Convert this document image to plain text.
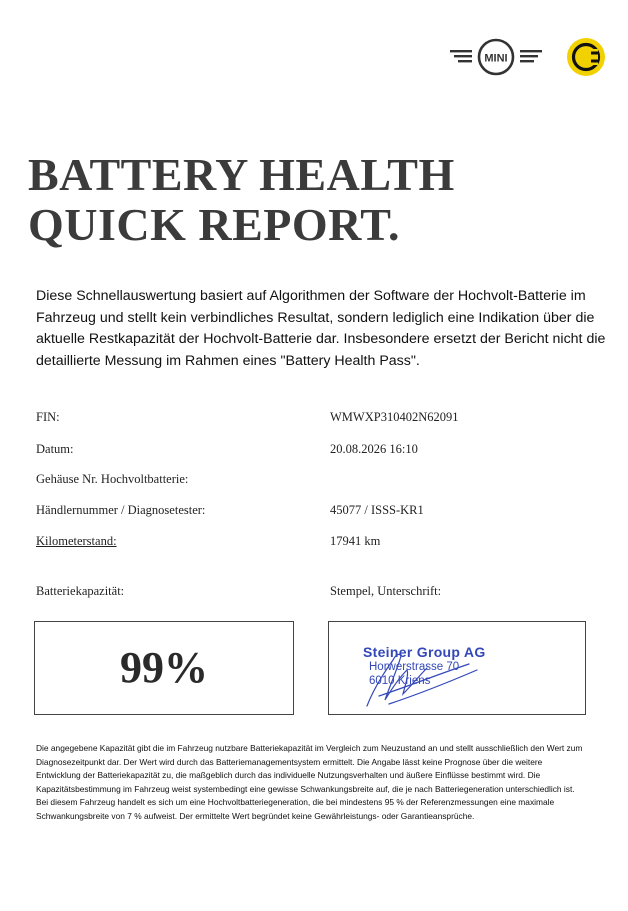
MINI
BATTERY HEALTH
QUICK REPORT.

Diese Schnellauswertung basiert auf Algorithmen der Software der Hochvolt-Batterie im Fahrzeug und stellt kein verbindliches Resultat, sondern lediglich eine Indikation über die aktuelle Restkapazität der Hochvolt-Batterie dar. Insbesondere ersetzt der Bericht nicht die detaillierte Messung im Rahmen eines "Battery Health Pass".

FIN:	WMWXP310402N62091
Datum:	20.08.2026 16:10
Gehäuse Nr. Hochvoltbatterie:
Händlernummer / Diagnosetester:	45077 / ISSS-KR1
Kilometerstand:	17941 km
Batteriekapazität:	Stempel, Unterschrift:
99%	Steiner Group AG
Horwerstrasse 70
6010 Kriens

Die angegebene Kapazität gibt die im Fahrzeug nutzbare Batteriekapazität im Vergleich zum Neuzustand an und stellt ausschließlich den Wert zum Diagnosezeitpunkt dar. Der Wert wird durch das Batteriemanagementsystem ermittelt. Die Angabe lässt keine Prognose über die weitere Entwicklung der Batteriekapazität zu, die maßgeblich durch das individuelle Nutzungsverhalten und äußere Einflüsse bestimmt wird. Die Kapazitätsbestimmung im Fahrzeug weist systembedingt eine gewisse Schwankungsbreite auf, die je nach Batteriegeneration unterschiedlich ist. Bei diesem Fahrzeug handelt es sich um eine Hochvoltbatteriegeneration, die bei mindestens 95 % der Referenzmessungen eine maximale Schwankungsbreite von 7 % aufweist. Der ermittelte Wert begründet keine Gewährleistungs- oder Garantieansprüche.
